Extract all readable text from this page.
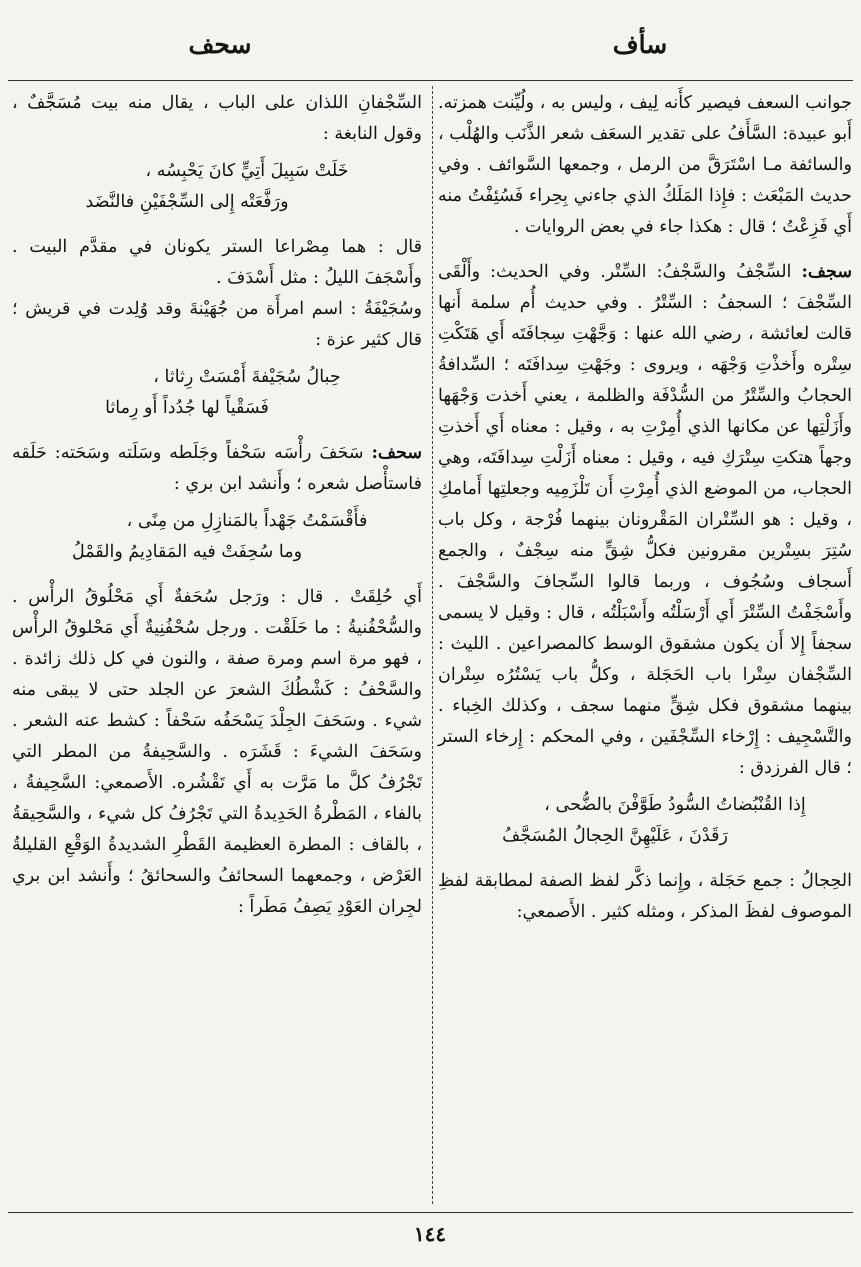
سأف
سحف

جوانب السعف فيصير كأَنه لِيف ، وليس به ، ولُيِّنت همزته. أَبو عبيدة: السَّأَفُ على تقدير السعَف شعر الذَّنَب والهُلْب ، والسائفة مـا اسْتَرَقَّ من الرمل ، وجمعها السَّوائف . وفي حديث المَبْعَث : فإِذا المَلَكُ الذي جاءني بِحِراء فَسُئِفْتُ منه أَي فَزِعْتُ ؛ قال : هكذا جاء في بعض الروايات .

سجف: السِّجْفُ والسَّجْفُ: السِّتْر. وفي الحديث: وأَلْقَى السِّجْفَ ؛ السجفُ : السِّتْرُ . وفي حديث أُم سلمة أَنها قالت لعائشة ، رضي الله عنها : وَجَّهْتِ سِجافَتَه أَي هَتَكْتِ سِتْره وأَخذْتِ وَجْهَه ، ويروى : وجَهْتِ سِدافَتَه ؛ السِّدافةُ الحجابُ والسِّتْرُ من السُّدْفَة والظلمة ، يعني أَخذت وَجْهَها وأَزَلْتِها عن مكانها الذي أُمِرْتِ به ، وقيل : معناه أَي أَخذتِ وجهاً هتكتِ سِتْرَكِ فيه ، وقيل : معناه أَزَلْتِ سِدافَتَه، وهي الحجاب، من الموضع الذي أُمِرْتِ أَن تَلْزَمِيه وجعلتِها أَمامكِ ، وقيل : هو السِّتْران المَقْرونان بينهما فُرْجة ، وكل باب سُتِرَ بسِتْرين مقرونين فكلُّ شِقٍّ منه سِجْفٌ ، والجمع أَسجاف وسُجُوف ، وربما قالوا السِّجافَ والسَّجْفَ . وأَسْجَفْتُ السِّتْرَ أَي أَرْسَلْتُه وأَسْبَلْتُه ، قال : وقيل لا يسمى سجفاً إِلا أَن يكون مشقوق الوسط كالمصراعين . الليث : السِّجْفان سِتْرا باب الحَجَلة ، وكلُّ باب يَسْتُرُه سِتْران بينهما مشقوق فكل شِقٍّ منهما سجف ، وكذلك الخِباء . والتَّسْجِيف : إِرْخاء السِّجْفَين ، وفي المحكم : إِرخاء الستر ؛ قال الفرزدق :

إِذا القُنْبُضاتُ السُّودُ طَوَّفْنَ بالضُّحى ،
رَقَدْنَ ، عَلَيْهِنَّ الحِجالُ المُسَجَّفُ

الحِجالُ : جمع حَجَلة ، وإِنما ذكَّر لفظ الصفة لمطابقة لفظِ الموصوف لفظَ المذكر ، ومثله كثير . الأَصمعي:

السِّجْفانِ اللذان على الباب ، يقال منه بيت مُسَجَّفٌ ، وقول النابغة :

خَلَتْ سَبِيلَ أَتِيٍّ كانَ يَحْبِسُه ،
ورَفَّعَتْه إِلى السِّجْفَيْنِ فالنَّضَد

قال : هما مِصْراعا الستر يكونان في مقدَّم البيت . وأَسْجَفَ الليلُ : مثل أَسْدَفَ .

وسُجَيْفَةُ : اسم امرأَة من جُهَيْنةَ وقد وُلِدت في قريش ؛ قال كثير عزة :

حِبالُ سُجَيْفةَ أَمْسَتْ رِثاثا ،
فَسَقْياً لها جُدُداً أَو رِماثا

سحف: سَحَفَ رأْسَه سَحْفاً وجَلَطه وسَلَته وسَحَته: حَلَقه فاستأْصل شعره ؛ وأَنشد ابن بري :

فأَقْسَمْتُ جَهْداً بالمَنازِلِ من مِنًى ،
وما سُحِفَتْ فيه المَقادِيمُ والقَمْلُ

أَي حُلِقَتْ . قال : ورَجل سُحَفةٌ أَي مَحْلُوقُ الرأْس . والسُّحْفُنيةُ : ما حَلَقْت . ورجل سُحْفُنِيةٌ أَي مَحْلوقُ الرأْس ، فهو مرة اسم ومرة صفة ، والنون في كل ذلك زائدة . والسَّحْفُ : كَشْطُكَ الشعرَ عن الجلد حتى لا يبقى منه شيء . وسَحَفَ الجِلْدَ يَسْحَفُه سَحْفاً : كشط عنه الشعر . وسَحَفَ الشيءَ : قَشَرَه . والسَّحِيفةُ من المطر التي تَجْرُفُ كلَّ ما مَرَّت به أَي تَقْشُره. الأَصمعي: السَّحِيفةُ ، بالفاء ، المَطْرةُ الحَدِيدةُ التي تَجْرُفُ كل شيء ، والسَّحِيقةُ ، بالقاف : المطرة العظيمة القَطْرِ الشديدةُ الوَقْعِ القليلةُ العَرْض ، وجمعهما السحائفُ والسحائقُ ؛ وأَنشد ابن بري لجِران العَوْدِ يَصِفُ مَطَراً :

١٤٤
